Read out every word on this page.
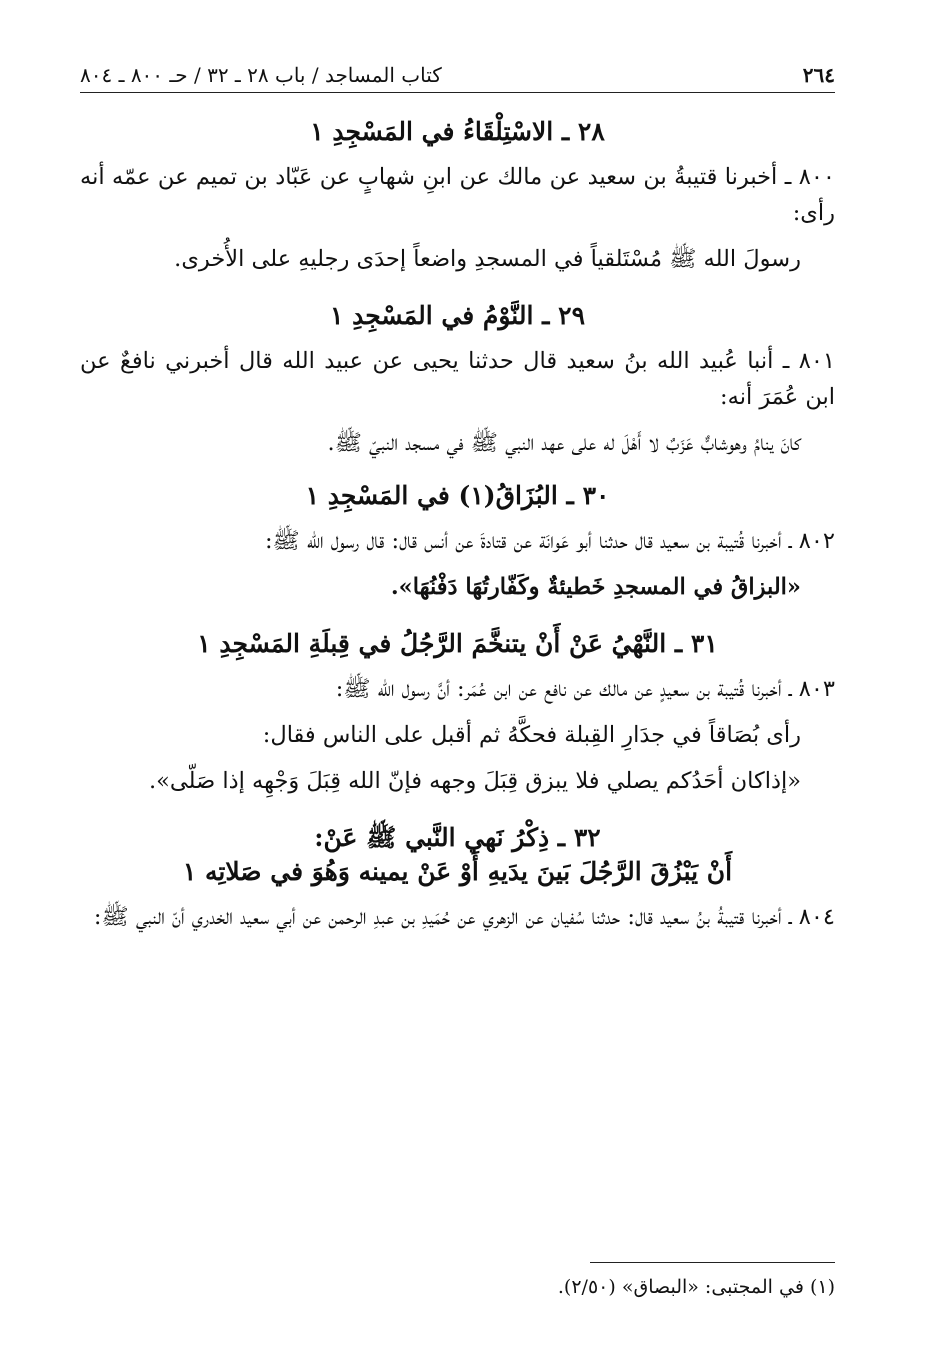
٢٦٤
كتاب المساجد / باب ٢٨ ـ ٣٢ / حـ ٨٠٠ ـ ٨٠٤
٢٨ ـ الاسْتِلْقَاءُ في المَسْجِدِ ١

٨٠٠ ـ أخبرنا قتيبةُ بن سعيد عن مالك عن ابنِ شهابٍ عن عَبّاد بن تميم عن عمّه أنه رأى:

رسولَ الله ﷺ مُسْتَلقياً في المسجدِ واضعاً إحدَى رجليهِ على الأُخرى.

٢٩ ـ النَّوْمُ في المَسْجِدِ ١

٨٠١ ـ أنبا عُبيد الله بنُ سعيد قال حدثنا يحيى عن عبيد الله قال أخبرني نافعٌ عن ابن عُمَرَ أنه:

كانَ ينامُ وهوشابٌّ عَزَبٌ لا أَهْلَ له على عهد النبي ﷺ في مسجد النبيّ ﷺ.

٣٠ ـ البُزَاقُ(١) في المَسْجِدِ ١

٨٠٢ ـ أخبرنا قُتيبة بن سعيد قال حدثنا أبو عَوانَة عن قتادةَ عن أنس قال: قال رسول الله ﷺ:

«البزاقُ في المسجدِ خَطيئةٌ وكَفّارتُهَا دَفْنُهَا».

٣١ ـ النَّهْيُ عَنْ أَنْ يتنخَّمَ الرَّجُلُ في قِبلَةِ المَسْجِدِ ١

٨٠٣ ـ أخبرنا قُتيبة بن سعيدٍ عن مالك عن نافع عن ابن عُمَر: أنَّ رسول الله ﷺ:

رأى بُصَاقاً في جدَارِ القِبلة فحكَّهُ ثم أقبل على الناس فقال:

«إذاكان أحَدُكم يصلي فلا يبزق قِبَلَ وجهه فإنّ الله قِبَلَ وَجْهِه إذا صَلّى».

٣٢ ـ ذِكْرُ نَهي النَّبي ﷺ عَنْ:
أَنْ يَبْزُقَ الرَّجُلَ بَينَ يدَيهِ أَوْ عَنْ يمينه وَهُوَ في صَلاتِه ١

٨٠٤ ـ أخبرنا قتيبةُ بنُ سعيد قال: حدثنا سُفيان عن الزهري عن حُمَيدِ بن عبدِ الرحمن عن أبي سعيد الخدري أنّ النبي ﷺ:

(١) في المجتبى: «البصاق» (٢/٥٠).
